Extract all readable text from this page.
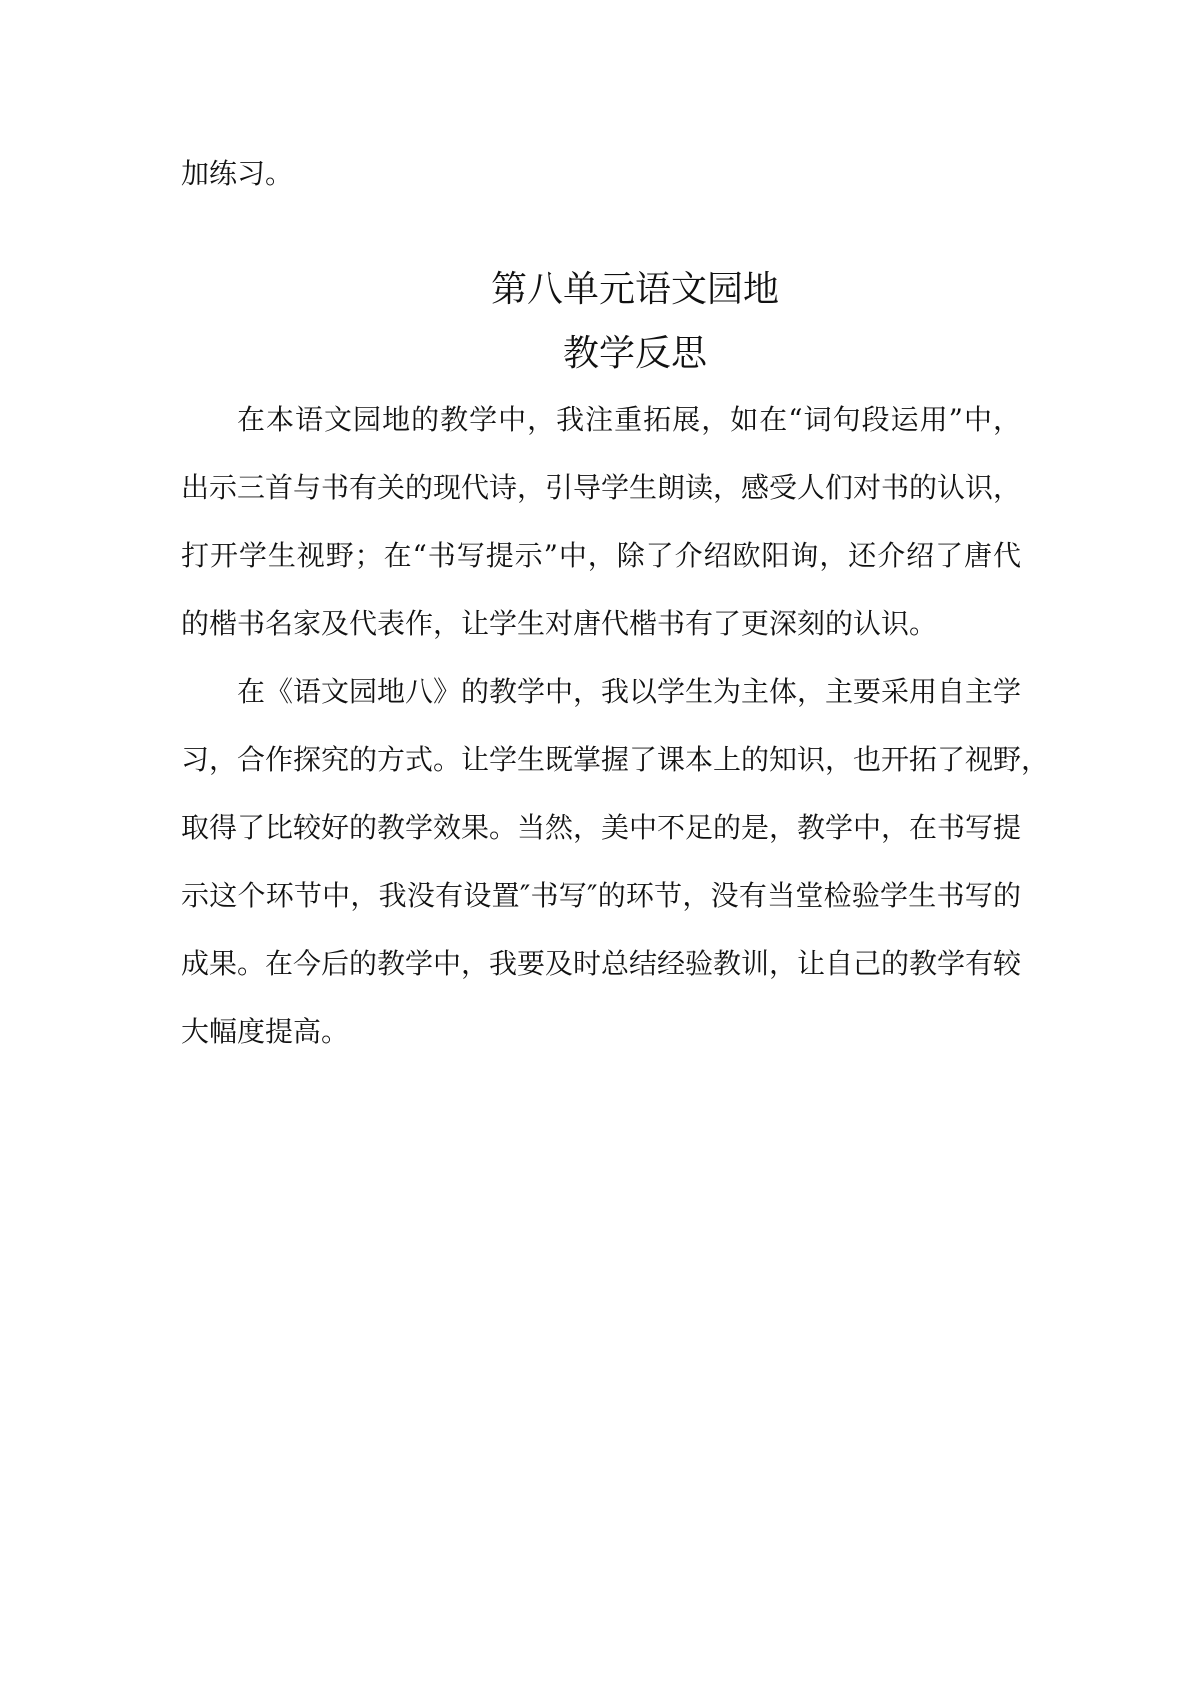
加练习。
第八单元语文园地
教学反思
在本语文园地的教学中，我注重拓展，如在“词句段运用”中，
出示三首与书有关的现代诗，引导学生朗读，感受人们对书的认识，
打开学生视野；在“书写提示”中，除了介绍欧阳询，还介绍了唐代
的楷书名家及代表作，让学生对唐代楷书有了更深刻的认识。
在《语文园地八》的教学中，我以学生为主体，主要采用自主学
习，合作探究的方式。让学生既掌握了课本上的知识，也开拓了视野，
取得了比较好的教学效果。当然，美中不足的是，教学中，在书写提
示这个环节中，我没有设置″书写″的环节，没有当堂检验学生书写的
成果。在今后的教学中，我要及时总结经验教训，让自己的教学有较
大幅度提高。
